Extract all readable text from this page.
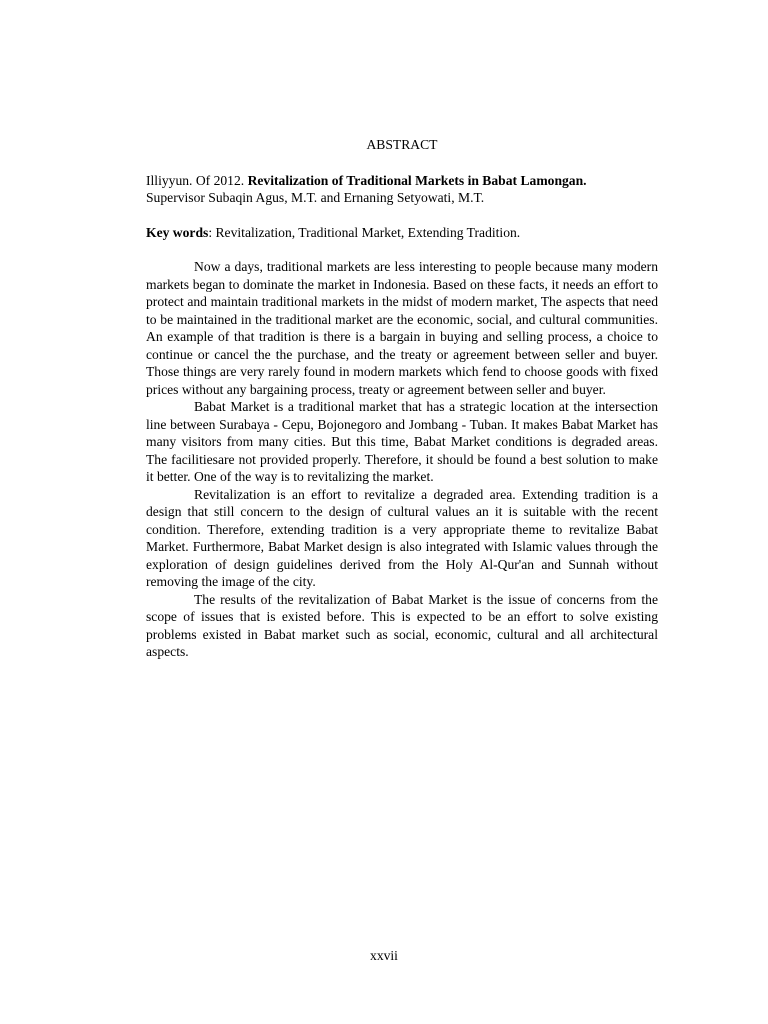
ABSTRACT

Illiyyun. Of 2012. Revitalization of Traditional Markets in Babat Lamongan.
Supervisor Subaqin Agus, M.T. and Ernaning Setyowati, M.T.

Key words: Revitalization, Traditional Market, Extending Tradition.

Now a days, traditional markets are less interesting to people because many modern markets began to dominate the market in Indonesia. Based on these facts, it needs an effort to protect and maintain traditional markets in the midst of modern market, The aspects that need to be maintained in the traditional market are the economic, social, and cultural communities. An example of that tradition is there is a bargain in buying and selling process, a choice to continue or cancel the the purchase, and the treaty or agreement between seller and buyer. Those things are very rarely found in modern markets which fend to choose goods with fixed prices without any bargaining process, treaty or agreement between seller and buyer.

Babat Market is a traditional market that has a strategic location at the intersection line between Surabaya - Cepu, Bojonegoro and Jombang - Tuban. It makes Babat Market has many visitors from many cities. But this time, Babat Market conditions is degraded areas. The facilitiesare not provided properly. Therefore, it should be found a best solution to make it better. One of the way is to revitalizing the market.

Revitalization is an effort to revitalize a degraded area. Extending tradition is a design that still concern to the design of cultural values an it is suitable with the recent condition. Therefore, extending tradition is a very appropriate theme to revitalize Babat Market. Furthermore, Babat Market design is also integrated with Islamic values through the exploration of design guidelines derived from the Holy Al-Qur'an and Sunnah without removing the image of the city.

The results of the revitalization of Babat Market is the issue of concerns from the scope of issues that is existed before. This is expected to be an effort to solve existing problems existed in Babat market such as social, economic, cultural and all architectural aspects.

xxvii
